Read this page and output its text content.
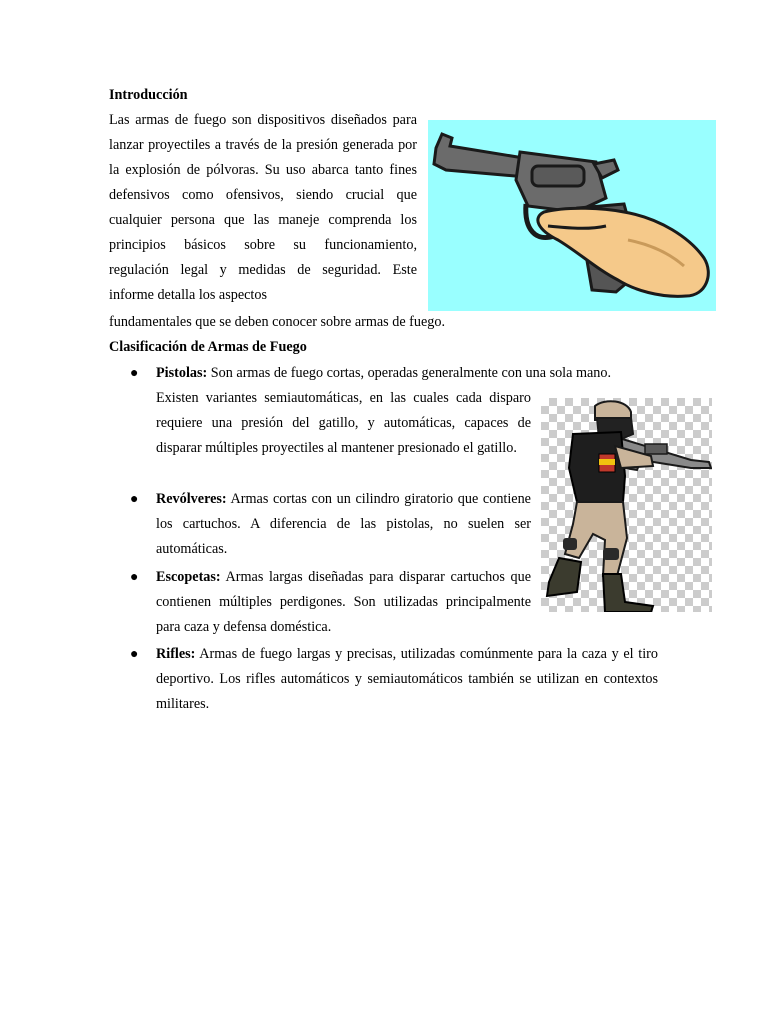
Introducción
Las armas de fuego son dispositivos diseñados para lanzar proyectiles a través de la presión generada por la explosión de pólvoras. Su uso abarca tanto fines defensivos como ofensivos, siendo crucial que cualquier persona que las maneje comprenda los principios básicos sobre su funcionamiento, regulación legal y medidas de seguridad. Este informe detalla los aspectos
fundamentales que se deben conocer sobre armas de fuego.
Clasificación de Armas de Fuego
● Pistolas: Son armas de fuego cortas, operadas generalmente con una sola mano.
Existen variantes semiautomáticas, en las cuales cada disparo requiere una presión del gatillo, y automáticas, capaces de disparar múltiples proyectiles al mantener presionado el gatillo.
● Revólveres: Armas cortas con un cilindro giratorio que contiene los cartuchos. A diferencia de las pistolas, no suelen ser automáticas.
● Escopetas: Armas largas diseñadas para disparar cartuchos que contienen múltiples perdigones. Son utilizadas principalmente para caza y defensa doméstica.
● Rifles: Armas de fuego largas y precisas, utilizadas comúnmente para la caza y el tiro deportivo. Los rifles automáticos y semiautomáticos también se utilizan en contextos militares.
